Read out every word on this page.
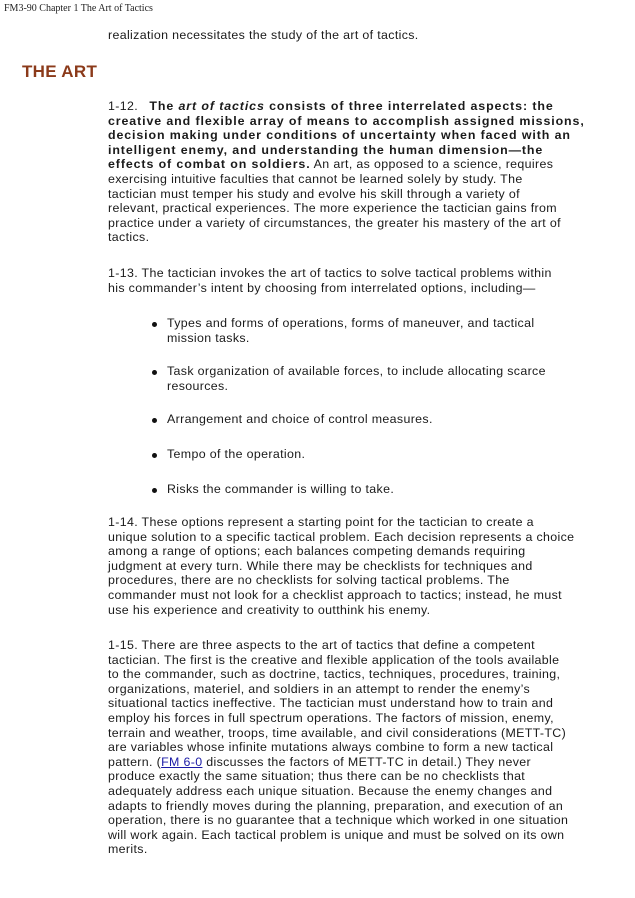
FM3-90 Chapter 1 The Art of Tactics
realization necessitates the study of the art of tactics.
THE ART
1-12. The art of tactics consists of three interrelated aspects: the
creative and flexible array of means to accomplish assigned missions,
decision making under conditions of uncertainty when faced with an
intelligent enemy, and understanding the human dimension—the
effects of combat on soldiers. An art, as opposed to a science, requires
exercising intuitive faculties that cannot be learned solely by study. The
tactician must temper his study and evolve his skill through a variety of
relevant, practical experiences. The more experience the tactician gains from
practice under a variety of circumstances, the greater his mastery of the art of
tactics.
1-13. The tactician invokes the art of tactics to solve tactical problems within
his commander’s intent by choosing from interrelated options, including—
Types and forms of operations, forms of maneuver, and tactical
mission tasks.
Task organization of available forces, to include allocating scarce
resources.
Arrangement and choice of control measures.
Tempo of the operation.
Risks the commander is willing to take.
1-14. These options represent a starting point for the tactician to create a
unique solution to a specific tactical problem. Each decision represents a choice
among a range of options; each balances competing demands requiring
judgment at every turn. While there may be checklists for techniques and
procedures, there are no checklists for solving tactical problems. The
commander must not look for a checklist approach to tactics; instead, he must
use his experience and creativity to outthink his enemy.
1-15. There are three aspects to the art of tactics that define a competent
tactician. The first is the creative and flexible application of the tools available
to the commander, such as doctrine, tactics, techniques, procedures, training,
organizations, materiel, and soldiers in an attempt to render the enemy’s
situational tactics ineffective. The tactician must understand how to train and
employ his forces in full spectrum operations. The factors of mission, enemy,
terrain and weather, troops, time available, and civil considerations (METT-TC)
are variables whose infinite mutations always combine to form a new tactical
pattern. (FM 6-0 discusses the factors of METT-TC in detail.) They never
produce exactly the same situation; thus there can be no checklists that
adequately address each unique situation. Because the enemy changes and
adapts to friendly moves during the planning, preparation, and execution of an
operation, there is no guarantee that a technique which worked in one situation
will work again. Each tactical problem is unique and must be solved on its own
merits.
